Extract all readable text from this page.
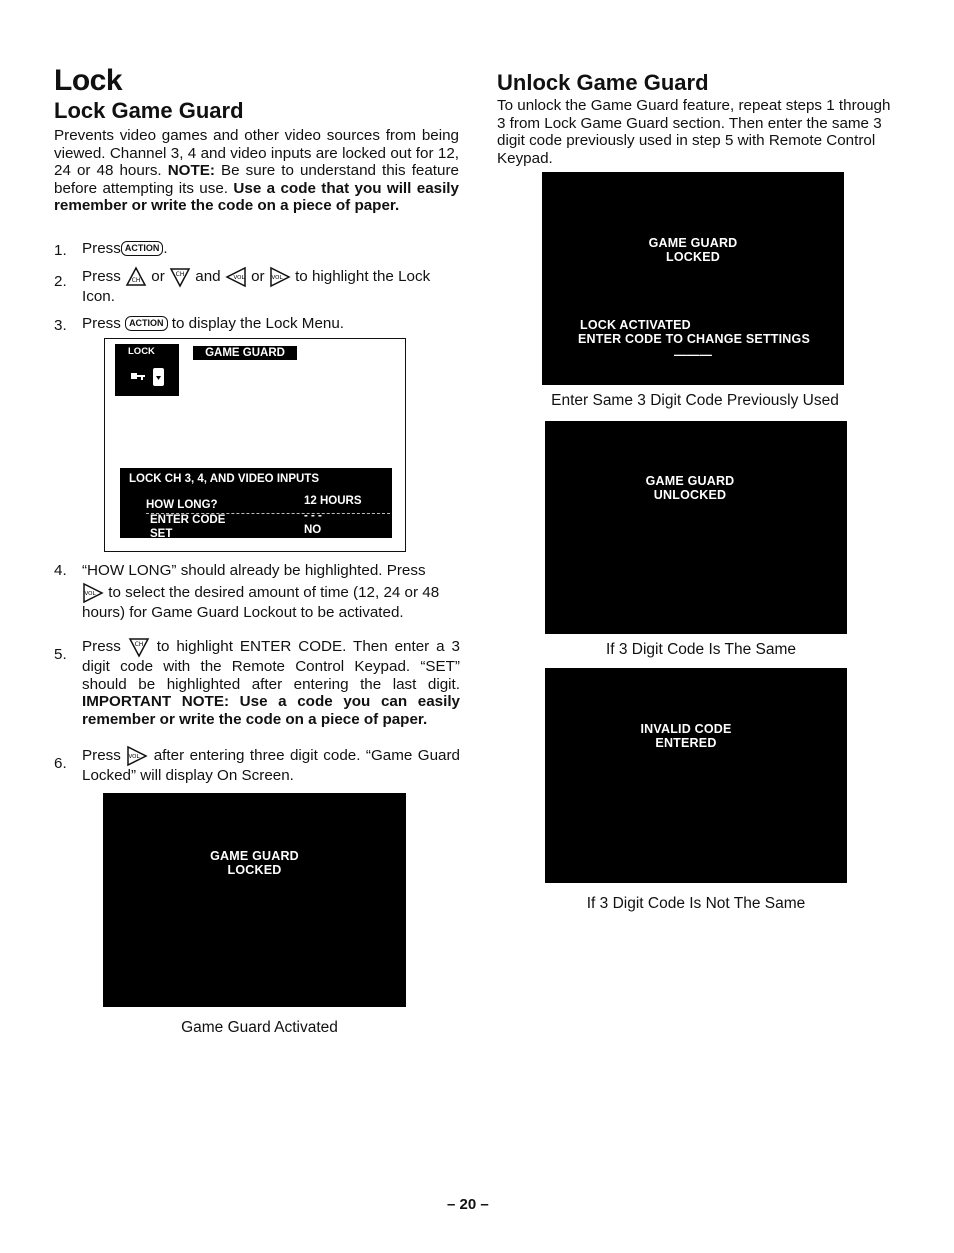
Lock
Lock Game Guard
Prevents video games and other video sources from being viewed. Channel 3, 4 and video inputs are locked out for 12, 24 or 48 hours. NOTE: Be sure to understand this feature before attempting its use. Use a code that you will easily remember or write the code on a piece of paper.
1. Press ACTION .
2. Press CH or CH and VOL or VOL to highlight the Lock Icon.
3. Press ACTION to display the Lock Menu.
LOCK	GAME GUARD
LOCK CH 3, 4, AND VIDEO INPUTS
HOW LONG?	12 HOURS
ENTER CODE	- - -
SET	NO
4. “HOW LONG” should already be highlighted. Press
VOL to select the desired amount of time (12, 24 or 48 hours) for Game Guard Lockout to be activated.
5. Press CH to highlight ENTER CODE. Then enter a 3 digit code with the Remote Control Keypad. “SET” should be highlighted after entering the last digit. IMPORTANT NOTE: Use a code you can easily remember or write the code on a piece of paper.
6. Press VOL after entering three digit code. “Game Guard Locked” will display On Screen.
GAME GUARD
LOCKED
Game Guard Activated
Unlock Game Guard
To unlock the Game Guard feature, repeat steps 1 through 3 from Lock Game Guard section. Then enter the same 3 digit code previously used in step 5 with Remote Control Keypad.
GAME GUARD
LOCKED
LOCK ACTIVATED
ENTER CODE TO CHANGE SETTINGS
———
Enter Same 3 Digit Code Previously Used
GAME GUARD
UNLOCKED
If 3 Digit Code Is The Same
INVALID CODE
ENTERED
If 3 Digit Code Is Not The Same
– 20 –
